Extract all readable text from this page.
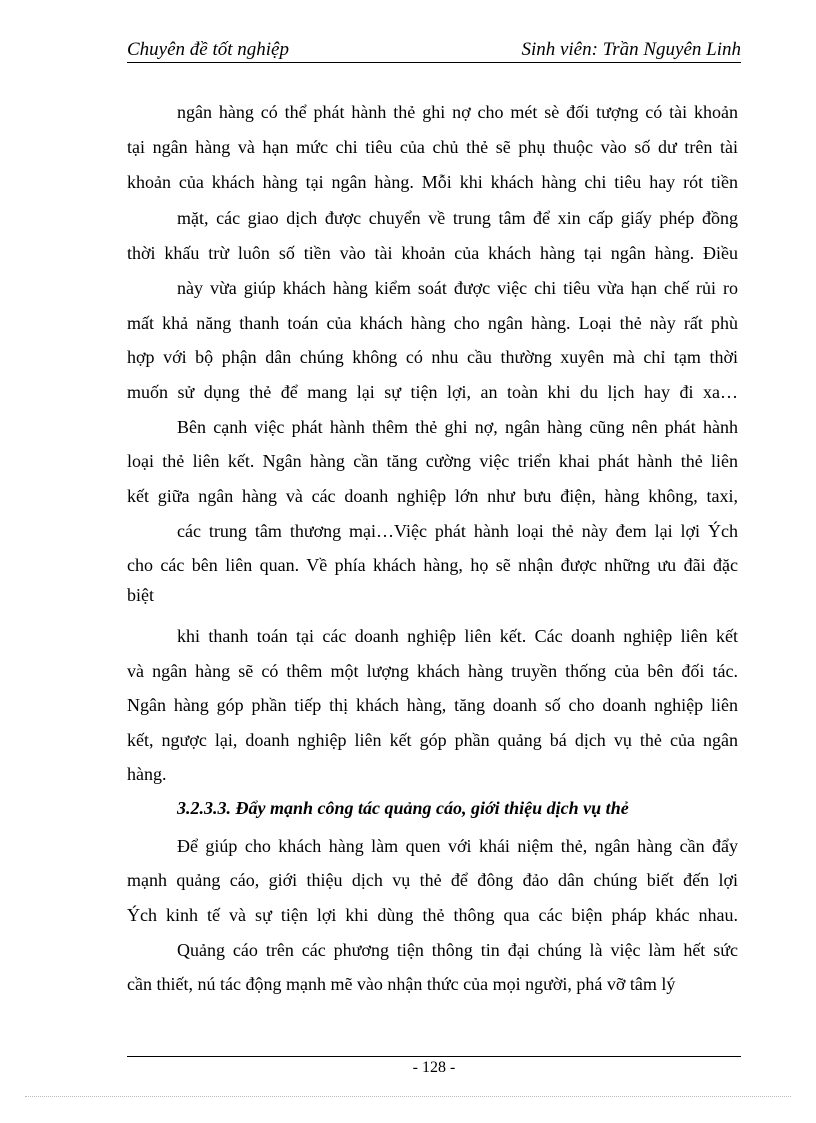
Chuyên đề tốt nghiệp	Sinh viên: Trần Nguyên Linh
ngân hàng có thể phát hành thẻ ghi nợ cho mét sè đối tượng có tài khoản
tại ngân hàng và hạn mức chi tiêu của chủ thẻ sẽ phụ thuộc vào số dư trên tài
khoản của khách hàng tại ngân hàng. Mỗi khi khách hàng chi tiêu hay rót tiền
mặt, các giao dịch được chuyển về trung tâm để xin cấp giấy phép đồng
thời khấu trừ luôn số tiền vào tài khoản của khách hàng tại ngân hàng. Điều
này vừa giúp khách hàng kiểm soát được việc chi tiêu vừa hạn chế rủi ro
mất khả năng thanh toán của khách hàng cho ngân hàng. Loại thẻ này rất phù
hợp với bộ phận dân chúng không có nhu cầu thường xuyên mà chỉ tạm thời
muốn sử dụng thẻ để mang lại sự tiện lợi, an toàn khi du lịch hay đi xa…
Bên cạnh việc phát hành thêm thẻ ghi nợ, ngân hàng cũng nên phát hành
loại thẻ liên kết. Ngân hàng cần tăng cường việc triển khai phát hành thẻ liên
kết giữa ngân hàng và các doanh nghiệp lớn như bưu điện, hàng không, taxi,
các trung tâm thương mại…Việc phát hành loại thẻ này đem lại lợi Ých
cho các bên liên quan. Về phía khách hàng, họ sẽ nhận được những ưu đãi đặc
biệt
khi thanh toán tại các doanh nghiệp liên kết. Các doanh nghiệp liên kết
và ngân hàng sẽ có thêm một lượng khách hàng truyền thống của bên đối tác.
Ngân hàng góp phần tiếp thị khách hàng, tăng doanh số cho doanh nghiệp liên
kết, ngược lại, doanh nghiệp liên kết góp phần quảng bá dịch vụ thẻ của ngân
hàng.
3.2.3.3. Đẩy mạnh công tác quảng cáo, giới thiệu dịch vụ thẻ
Để giúp cho khách hàng làm quen với khái niệm thẻ, ngân hàng cần đẩy
mạnh quảng cáo, giới thiệu dịch vụ thẻ để đông đảo dân chúng biết đến lợi
Ých kinh tế và sự tiện lợi khi dùng thẻ thông qua các biện pháp khác nhau.
Quảng cáo trên các phương tiện thông tin đại chúng là việc làm hết sức
cần thiết, nú tác động mạnh mẽ vào nhận thức của mọi người, phá vỡ tâm lý
- 128 -
